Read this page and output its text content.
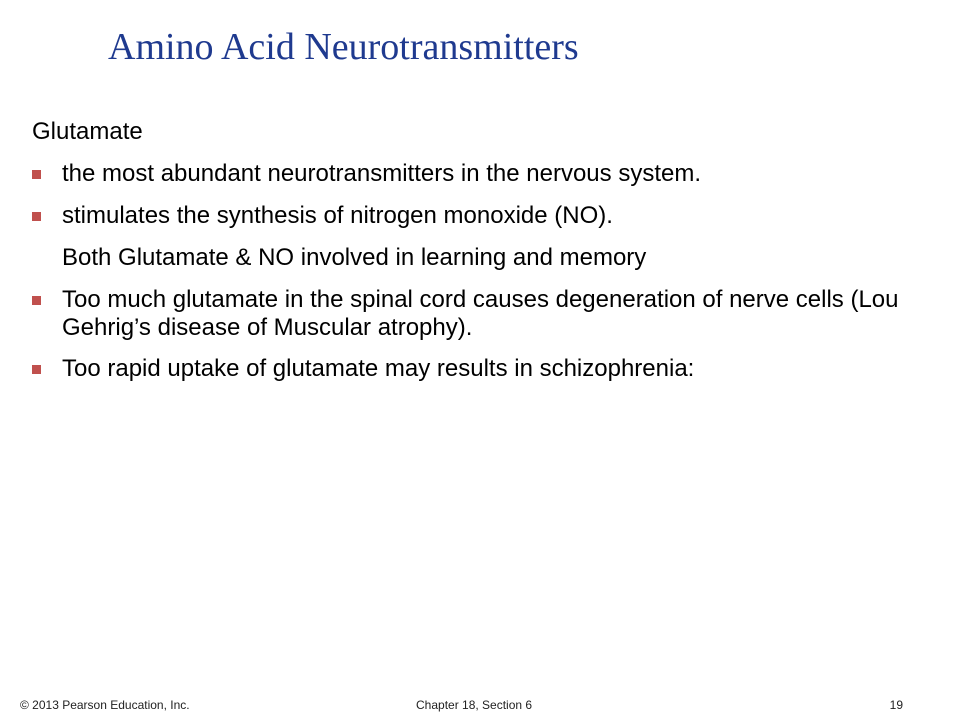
Amino Acid Neurotransmitters
Glutamate
the most abundant neurotransmitters in the nervous system.
stimulates the synthesis of nitrogen monoxide (NO).
Both Glutamate & NO involved in learning and memory
Too much glutamate in the spinal cord causes degeneration of nerve cells (Lou Gehrig’s disease of Muscular atrophy).
Too rapid uptake of glutamate may results in schizophrenia:
© 2013 Pearson Education, Inc.	Chapter 18, Section 6	19
